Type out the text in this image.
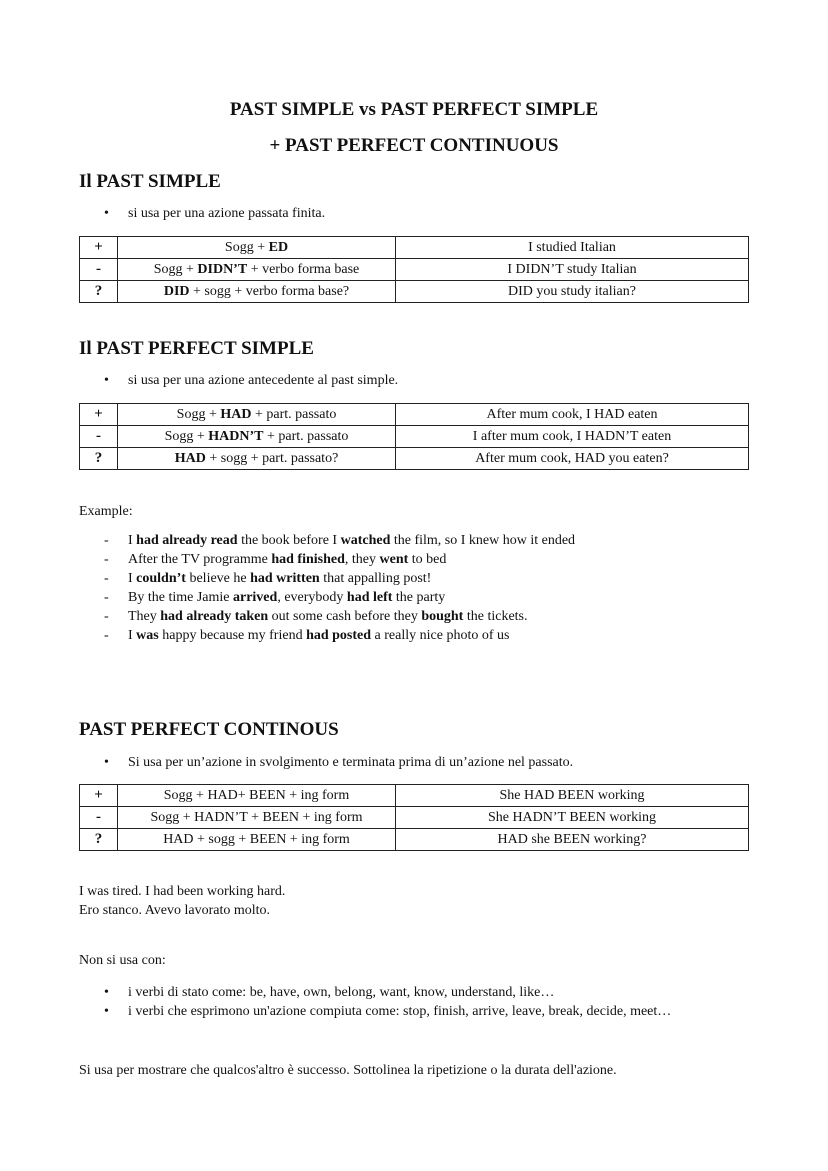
PAST SIMPLE vs PAST PERFECT SIMPLE
+ PAST PERFECT CONTINUOUS
Il PAST SIMPLE
• si usa per una azione passata finita.
+	Sogg + ED	I studied Italian
-	Sogg + DIDN’T + verbo forma base	I DIDN’T study Italian
?	DID + sogg + verbo forma base?	DID you study italian?
Il PAST PERFECT SIMPLE
• si usa per una azione antecedente al past simple.
+	Sogg + HAD + part. passato	After mum cook, I HAD eaten
-	Sogg + HADN’T + part. passato	I after mum cook, I HADN’T eaten
?	HAD + sogg + part. passato?	After mum cook, HAD you eaten?
Example:
- I had already read the book before I watched the film, so I knew how it ended
- After the TV programme had finished, they went to bed
- I couldn’t believe he had written that appalling post!
- By the time Jamie arrived, everybody had left the party
- They had already taken out some cash before they bought the tickets.
- I was happy because my friend had posted a really nice photo of us
PAST PERFECT CONTINOUS
• Si usa per un’azione in svolgimento e terminata prima di un’azione nel passato.
+	Sogg + HAD+ BEEN + ing form	She HAD BEEN working
-	Sogg + HADN’T + BEEN + ing form	She HADN’T BEEN working
?	HAD + sogg + BEEN + ing form	HAD she BEEN working?
I was tired. I had been working hard.
Ero stanco. Avevo lavorato molto.
Non si usa con:
• i verbi di stato come: be, have, own, belong, want, know, understand, like…
• i verbi che esprimono un'azione compiuta come: stop, finish, arrive, leave, break, decide, meet…
Si usa per mostrare che qualcos'altro è successo. Sottolinea la ripetizione o la durata dell'azione.
